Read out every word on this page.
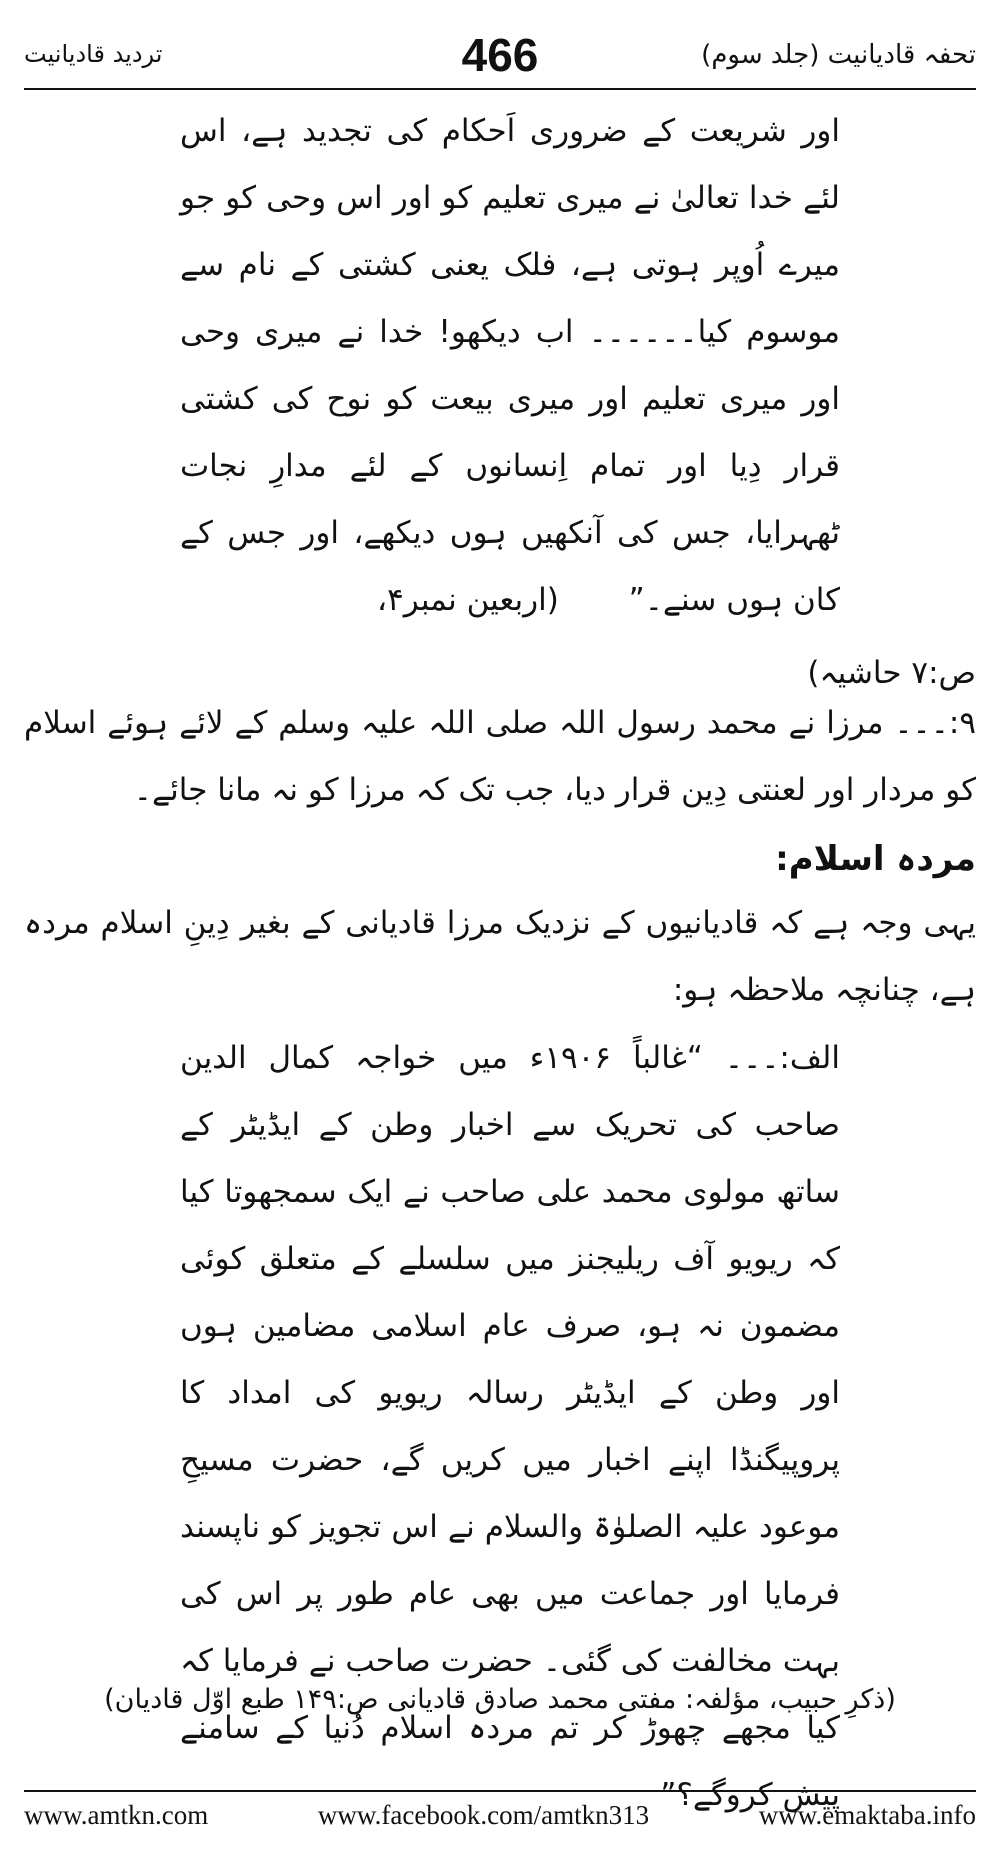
تحفہ قادیانیت (جلد سوم)
466
تردید قادیانیت

اور شریعت کے ضروری اَحکام کی تجدید ہے، اس لئے خدا تعالیٰ نے میری تعلیم کو اور اس وحی کو جو میرے اُوپر ہوتی ہے، فلک یعنی کشتی کے نام سے موسوم کیا۔۔۔۔۔۔ اب دیکھو! خدا نے میری وحی اور میری تعلیم اور میری بیعت کو نوح کی کشتی قرار دِیا اور تمام اِنسانوں کے لئے مدارِ نجات ٹھہرایا، جس کی آنکھیں ہوں دیکھے، اور جس کے کان ہوں سنے۔” (اربعین نمبر۴،

ص:۷ حاشیہ)

۹:۔۔۔ مرزا نے محمد رسول اللہ صلی اللہ علیہ وسلم کے لائے ہوئے اسلام کو مردار اور لعنتی دِین قرار دیا، جب تک کہ مرزا کو نہ مانا جائے۔

مردہ اسلام:

یہی وجہ ہے کہ قادیانیوں کے نزدیک مرزا قادیانی کے بغیر دِینِ اسلام مردہ ہے، چنانچہ ملاحظہ ہو:

الف:۔۔۔ “غالباً ۱۹۰۶ء میں خواجہ کمال الدین صاحب کی تحریک سے اخبار وطن کے ایڈیٹر کے ساتھ مولوی محمد علی صاحب نے ایک سمجھوتا کیا کہ ریویو آف ریلیجنز میں سلسلے کے متعلق کوئی مضمون نہ ہو، صرف عام اسلامی مضامین ہوں اور وطن کے ایڈیٹر رسالہ ریویو کی امداد کا پروپیگنڈا اپنے اخبار میں کریں گے، حضرت مسیحِ موعود علیہ الصلوٰۃ والسلام نے اس تجویز کو ناپسند فرمایا اور جماعت میں بھی عام طور پر اس کی بہت مخالفت کی گئی۔ حضرت صاحب نے فرمایا کہ کیا مجھے چھوڑ کر تم مردہ اسلام دُنیا کے سامنے پیش کروگے؟”

(ذکرِ حبیب، مؤلفہ: مفتی محمد صادق قادیانی ص:۱۴۹ طبع اوّل قادیان)
www.amtkn.com	www.facebook.com/amtkn313	www.emaktaba.info
